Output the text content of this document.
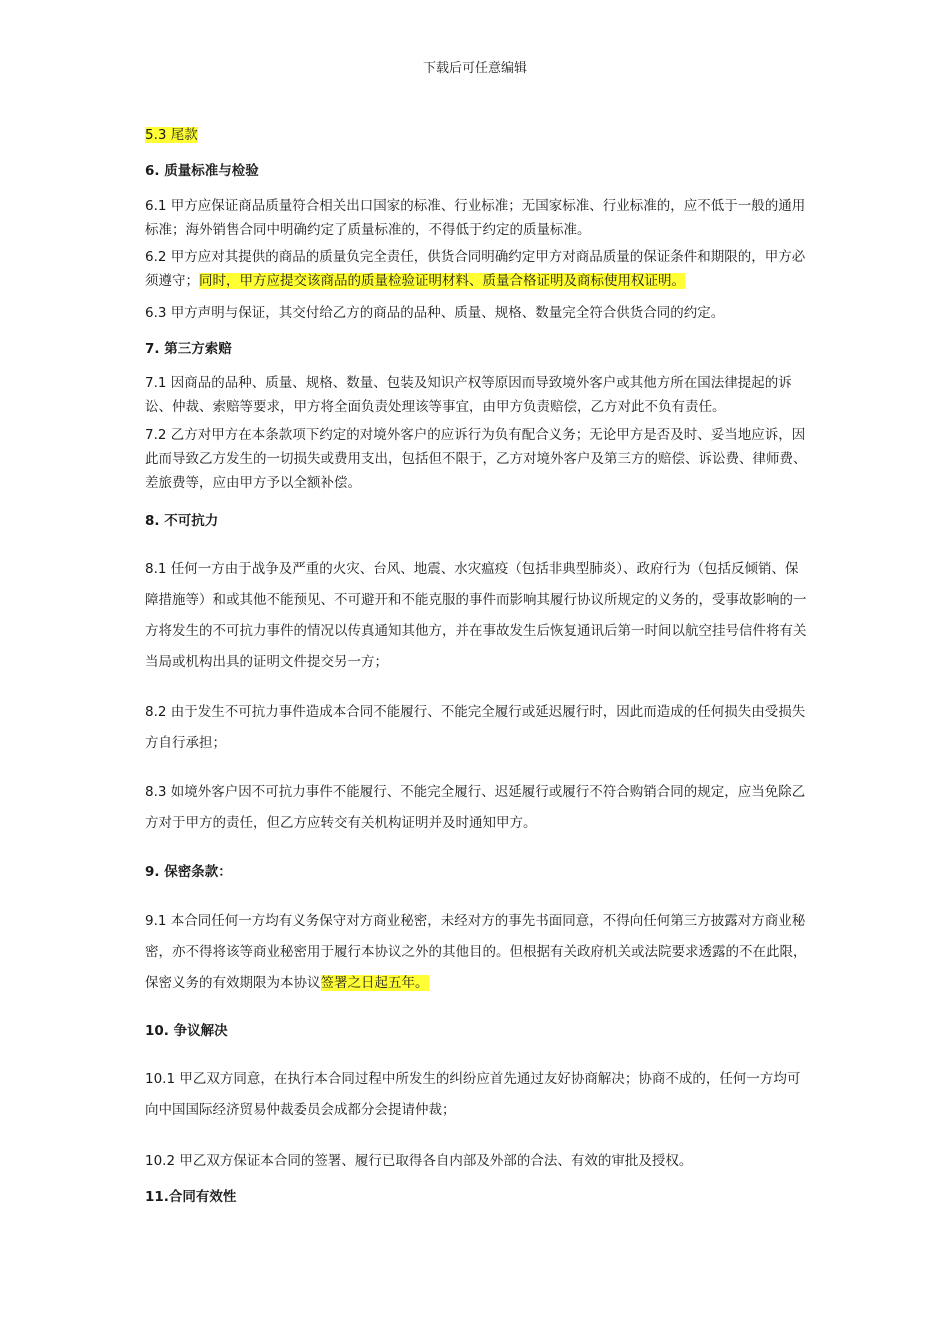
下载后可任意编辑

5.3 尾款

6. 质量标准与检验

6.1 甲方应保证商品质量符合相关出口国家的标准、行业标准；无国家标准、行业标准的，应不低于一般的通用标准；海外销售合同中明确约定了质量标准的，不得低于约定的质量标准。

6.2 甲方应对其提供的商品的质量负完全责任，供货合同明确约定甲方对商品质量的保证条件和期限的，甲方必须遵守；同时，甲方应提交该商品的质量检验证明材料、质量合格证明及商标使用权证明。

6.3 甲方声明与保证，其交付给乙方的商品的品种、质量、规格、数量完全符合供货合同的约定。

7. 第三方索赔

7.1 因商品的品种、质量、规格、数量、包装及知识产权等原因而导致境外客户或其他方所在国法律提起的诉讼、仲裁、索赔等要求，甲方将全面负责处理该等事宜，由甲方负责赔偿，乙方对此不负有责任。

7.2 乙方对甲方在本条款项下约定的对境外客户的应诉行为负有配合义务；无论甲方是否及时、妥当地应诉，因此而导致乙方发生的一切损失或费用支出，包括但不限于，乙方对境外客户及第三方的赔偿、诉讼费、律师费、差旅费等，应由甲方予以全额补偿。

8. 不可抗力

8.1 任何一方由于战争及严重的火灾、台风、地震、水灾瘟疫（包括非典型肺炎）、政府行为（包括反倾销、保障措施等）和或其他不能预见、不可避开和不能克服的事件而影响其履行协议所规定的义务的，受事故影响的一方将发生的不可抗力事件的情况以传真通知其他方，并在事故发生后恢复通讯后第一时间以航空挂号信件将有关当局或机构出具的证明文件提交另一方；

8.2 由于发生不可抗力事件造成本合同不能履行、不能完全履行或延迟履行时，因此而造成的任何损失由受损失方自行承担；

8.3 如境外客户因不可抗力事件不能履行、不能完全履行、迟延履行或履行不符合购销合同的规定，应当免除乙方对于甲方的责任，但乙方应转交有关机构证明并及时通知甲方。

9. 保密条款：

9.1 本合同任何一方均有义务保守对方商业秘密，未经对方的事先书面同意，不得向任何第三方披露对方商业秘密，亦不得将该等商业秘密用于履行本协议之外的其他目的。但根据有关政府机关或法院要求透露的不在此限，保密义务的有效期限为本协议签署之日起五年。

10. 争议解决

10.1 甲乙双方同意，在执行本合同过程中所发生的纠纷应首先通过友好协商解决；协商不成的，任何一方均可向中国国际经济贸易仲裁委员会成都分会提请仲裁；

10.2 甲乙双方保证本合同的签署、履行已取得各自内部及外部的合法、有效的审批及授权。

11.合同有效性
